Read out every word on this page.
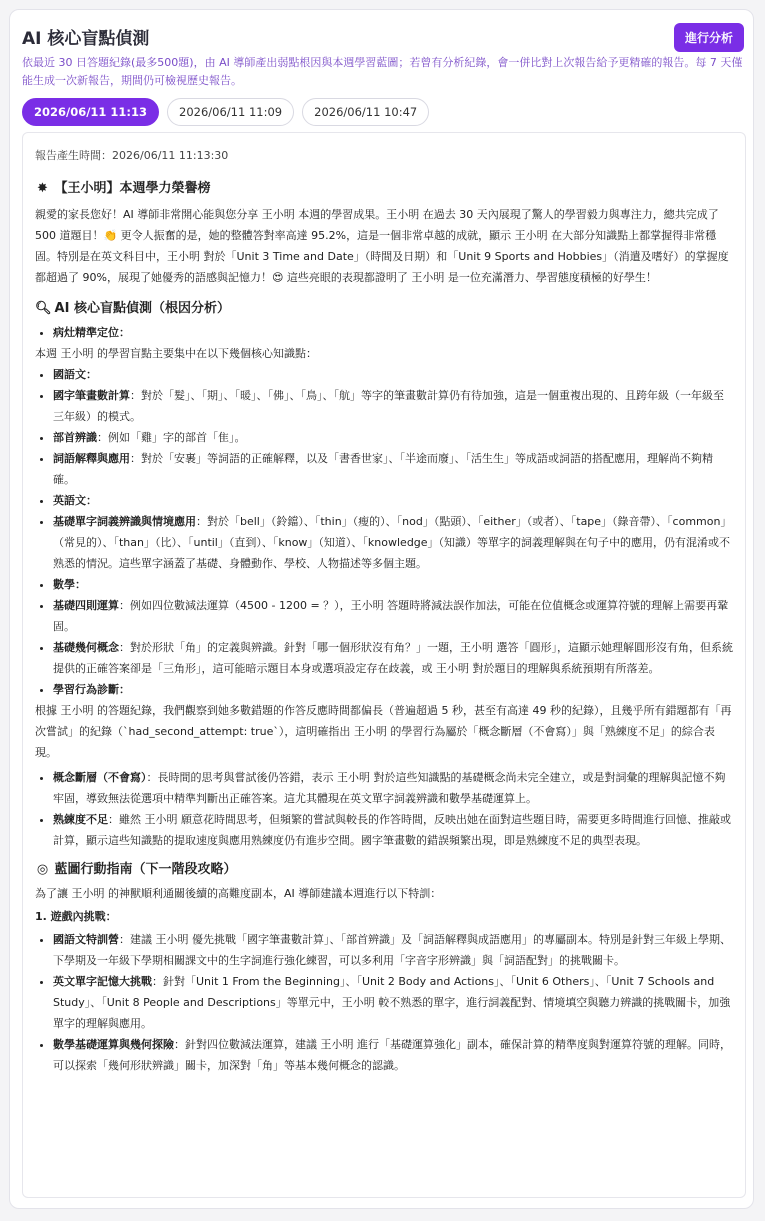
AI 核心盲點偵測	進行分析
依最近 30 日答題紀錄(最多500題)，由 AI 導師產出弱點根因與本週學習藍圖；若曾有分析紀錄，會一併比對上次報告給予更精確的報告。每 7 天僅能生成一次新報告，期間仍可檢視歷史報告。
2026/06/11 11:13	2026/06/11 11:09	2026/06/11 10:47

報告產生時間：2026/06/11 11:13:30

✸ 【王小明】本週學力榮譽榜

親愛的家長您好！AI 導師非常開心能與您分享 王小明 本週的學習成果。王小明 在過去 30 天內展現了驚人的學習毅力與專注力，總共完成了 500 道題目！👏 更令人振奮的是，她的整體答對率高達 95.2%，這是一個非常卓越的成就，顯示 王小明 在大部分知識點上都掌握得非常穩固。特別是在英文科目中，王小明 對於「Unit 3 Time and Date」（時間及日期）和「Unit 9 Sports and Hobbies」（消遣及嗜好）的掌握度都超過了 90%，展現了她優秀的語感與記憶力！😍 這些亮眼的表現都證明了 王小明 是一位充滿潛力、學習態度積極的好學生！

🔍︎ AI 核心盲點偵測（根因分析）
• 病灶精準定位：

本週 王小明 的學習盲點主要集中在以下幾個核心知識點：

• 國語文：
• 國字筆畫數計算：對於「髮」、「期」、「暖」、「佛」、「鳥」、「航」等字的筆畫數計算仍有待加強，這是一個重複出現的、且跨年級（一年級至三年級）的模式。
• 部首辨識：例如「雞」字的部首「隹」。
• 詞語解釋與應用：對於「安裹」等詞語的正確解釋，以及「書香世家」、「半途而廢」、「活生生」等成語或詞語的搭配應用，理解尚不夠精確。
• 英語文：
• 基礎單字詞義辨識與情境應用：對於「bell」（鈴鐺）、「thin」（瘦的）、「nod」（點頭）、「either」（或者）、「tape」（錄音帶）、「common」（常見的）、「than」（比）、「until」（直到）、「know」（知道）、「knowledge」（知識）等單字的詞義理解與在句子中的應用，仍有混淆或不熟悉的情況。這些單字涵蓋了基礎、身體動作、學校、人物描述等多個主題。
• 數學：
• 基礎四則運算：例如四位數減法運算（4500 - 1200 = ？），王小明 答題時將減法誤作加法，可能在位值概念或運算符號的理解上需要再鞏固。
• 基礎幾何概念：對於形狀「角」的定義與辨識。針對「哪一個形狀沒有角？」一題，王小明 選答「圓形」，這顯示她理解圓形沒有角，但系統提供的正確答案卻是「三角形」，這可能暗示題目本身或選項設定存在歧義，或 王小明 對於題目的理解與系統預期有所落差。
• 學習行為診斷：

根據 王小明 的答題紀錄，我們觀察到她多數錯題的作答反應時間都偏長（普遍超過 5 秒，甚至有高達 49 秒的紀錄），且幾乎所有錯題都有「再次嘗試」的紀錄（`had_second_attempt: true`），這明確指出 王小明 的學習行為屬於「概念斷層（不會寫）」與「熟練度不足」的綜合表現。

• 概念斷層（不會寫）：長時間的思考與嘗試後仍答錯，表示 王小明 對於這些知識點的基礎概念尚未完全建立，或是對詞彙的理解與記憶不夠牢固，導致無法從選項中精準判斷出正確答案。這尤其體現在英文單字詞義辨識和數學基礎運算上。
• 熟練度不足：雖然 王小明 願意花時間思考，但頻繁的嘗試與較長的作答時間，反映出她在面對這些題目時，需要更多時間進行回憶、推敲或計算，顯示這些知識點的提取速度與應用熟練度仍有進步空間。國字筆畫數的錯誤頻繁出現，即是熟練度不足的典型表現。
◎ 藍圖行動指南（下一階段攻略）

為了讓 王小明 的神獸順利通關後續的高難度副本，AI 導師建議本週進行以下特訓：

1. 遊戲內挑戰：

• 國語文特訓營：建議 王小明 優先挑戰「國字筆畫數計算」、「部首辨識」及「詞語解釋與成語應用」的專屬副本。特別是針對三年級上學期、下學期及一年級下學期相關課文中的生字詞進行強化練習，可以多利用「字音字形辨識」與「詞語配對」的挑戰關卡。
• 英文單字記憶大挑戰：針對「Unit 1 From the Beginning」、「Unit 2 Body and Actions」、「Unit 6 Others」、「Unit 7 Schools and Study」、「Unit 8 People and Descriptions」等單元中，王小明 較不熟悉的單字，進行詞義配對、情境填空與聽力辨識的挑戰關卡，加強單字的理解與應用。
• 數學基礎運算與幾何探險：針對四位數減法運算，建議 王小明 進行「基礎運算強化」副本，確保計算的精準度與對運算符號的理解。同時，可以探索「幾何形狀辨識」關卡，加深對「角」等基本幾何概念的認識。
